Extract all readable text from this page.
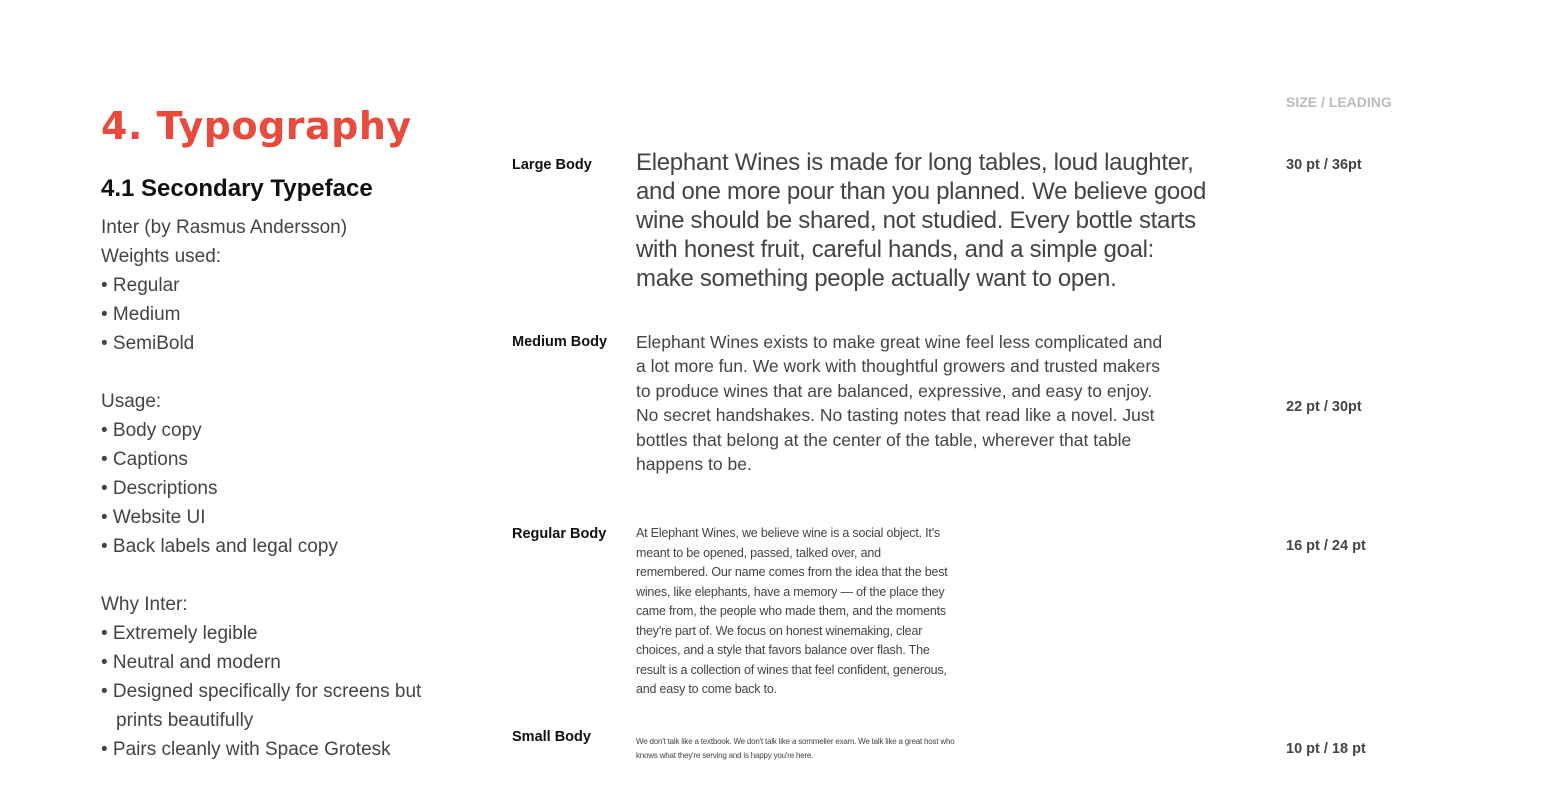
4. Typography
4.1 Secondary Typeface
Inter (by Rasmus Andersson)
Weights used:
• Regular
• Medium
• SemiBold
Usage:
• Body copy
• Captions
• Descriptions
• Website UI
• Back labels and legal copy
Why Inter:
• Extremely legible
• Neutral and modern
• Designed specifically for screens but
prints beautifully
• Pairs cleanly with Space Grotesk
SIZE / LEADING
Large Body Elephant Wines is made for long tables, loud laughter, and one more pour than you planned. We believe good wine should be shared, not studied. Every bottle starts with honest fruit, careful hands, and a simple goal: make something people actually want to open.
30 pt / 36pt
Medium Body Elephant Wines exists to make great wine feel less complicated and a lot more fun. We work with thoughtful growers and trusted makers to produce wines that are balanced, expressive, and easy to enjoy. No secret handshakes. No tasting notes that read like a novel. Just bottles that belong at the center of the table, wherever that table happens to be.
22 pt / 30pt
Regular Body At Elephant Wines, we believe wine is a social object. It's meant to be opened, passed, talked over, and remembered. Our name comes from the idea that the best wines, like elephants, have a memory — of the place they came from, the people who made them, and the moments they're part of. We focus on honest winemaking, clear choices, and a style that favors balance over flash. The result is a collection of wines that feel confident, generous, and easy to come back to.
16 pt / 24 pt
Small Body	We don't talk like a textbook. We don't talk like a sommelier exam. We talk like a great host who knows what they're serving and is happy you're here.	10 pt / 18 pt
